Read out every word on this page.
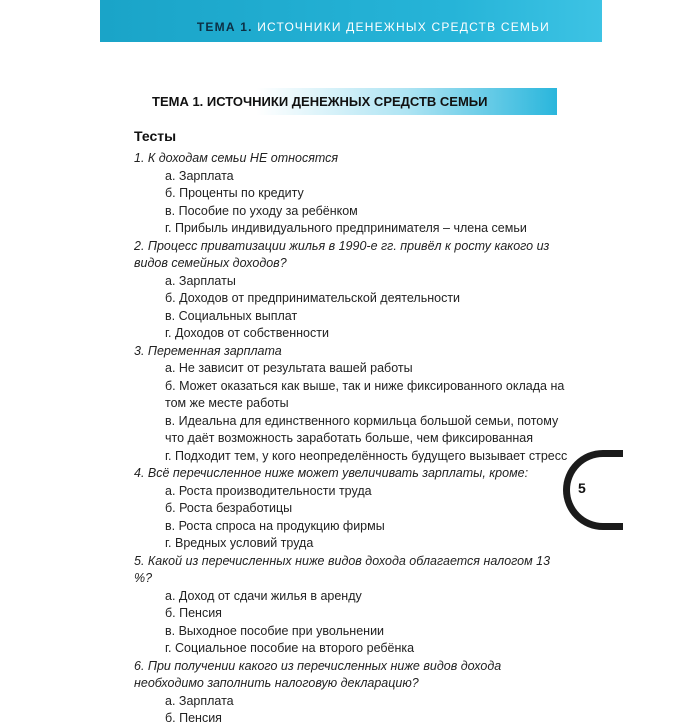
ТЕМА 1. ИСТОЧНИКИ ДЕНЕЖНЫХ СРЕДСТВ СЕМЬИ
ТЕМА 1. ИСТОЧНИКИ ДЕНЕЖНЫХ СРЕДСТВ СЕМЬИ
Тесты
1. К доходам семьи НЕ относятся
а. Зарплата
б. Проценты по кредиту
в. Пособие по уходу за ребёнком
г. Прибыль индивидуального предпринимателя – члена семьи
2. Процесс приватизации жилья в 1990-е гг. привёл к росту какого из видов семейных доходов?
а. Зарплаты
б. Доходов от предпринимательской деятельности
в. Социальных выплат
г. Доходов от собственности
3. Переменная зарплата
а. Не зависит от результата вашей работы
б. Может оказаться как выше, так и ниже фиксированного оклада на том же месте работы
в. Идеальна для единственного кормильца большой семьи, потому что даёт возможность заработать больше, чем фиксированная
г. Подходит тем, у кого неопределённость будущего вызывает стресс
4. Всё перечисленное ниже может увеличивать зарплаты, кроме:
а. Роста производительности труда
б. Роста безработицы
в. Роста спроса на продукцию фирмы
г. Вредных условий труда
5. Какой из перечисленных ниже видов дохода облагается налогом 13 %?
а. Доход от сдачи жилья в аренду
б. Пенсия
в. Выходное пособие при увольнении
г. Социальное пособие на второго ребёнка
6. При получении какого из перечисленных ниже видов дохода необходимо заполнить налоговую декларацию?
а. Зарплата
б. Пенсия
5
